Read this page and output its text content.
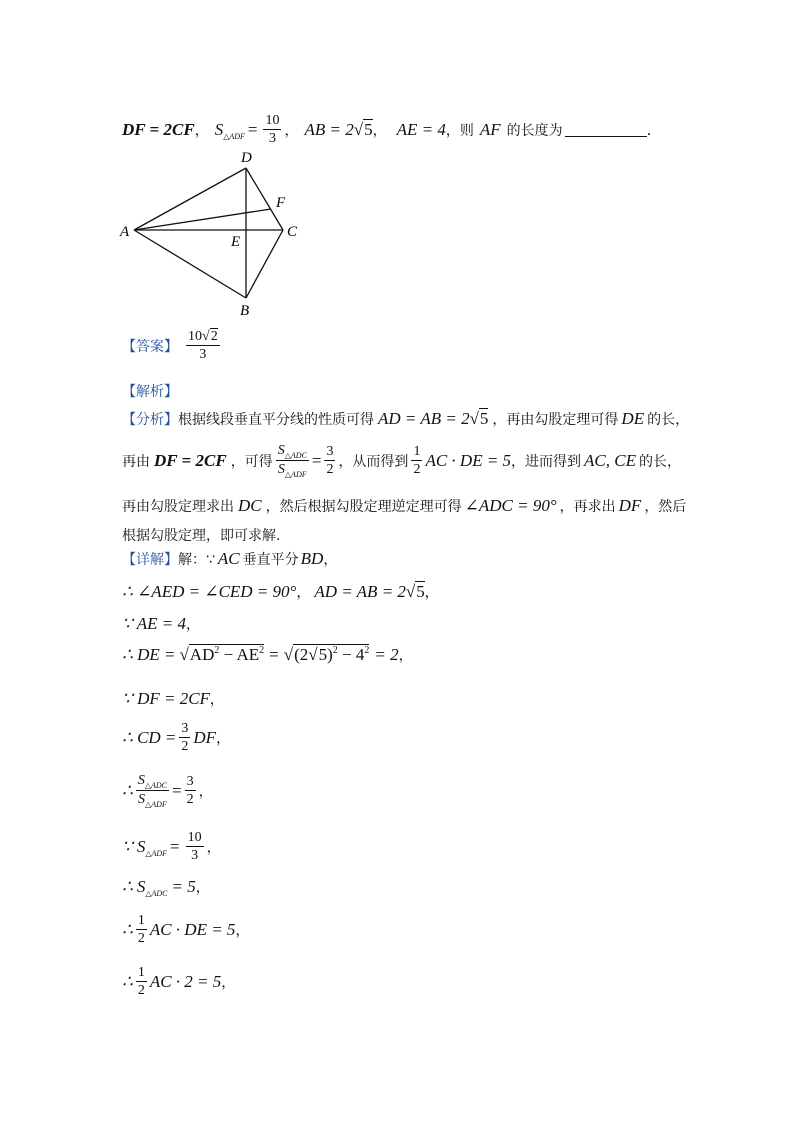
DF = 2CF ， $S_{\triangle ADF} = \frac{10}{3}$ ， AB = 2√5 ， AE = 4 ，则 AF 的长度为	.
D
F
A
E
C
B
【答案】 $\frac{10√2}{3}$
【解析】
【分析】 根据线段垂直平分线的性质可得 AD = AB = 2√5 ，再由勾股定理可得 DE 的长，
再由 DF = 2CF ，可得 $\frac{S_{\triangle ADC}}{S_{\triangle ADF}} = \frac{3}{2}$ ，从而得到 $\frac{1}{2}$ AC · DE = 5 ，进而得到 AC, CE 的长，
再由勾股定理求出 DC ，然后根据勾股定理逆定理可得 ∠ADC = 90° ，再求出 DF ，然后
根据勾股定理，即可求解.
【详解】 解：∵ AC 垂直平分 BD ，
∴ ∠AED = ∠CED = 90° ， AD = AB = 2√5 ，
∵ AE = 4 ，
∴ DE = $√AD^2 - AE^2 = √(2√5)^2 - 4^2 = 2$ ，
∵ DF = 2CF ，
∴ CD = $\frac{3}{2}$ DF ，
∴ $\frac{S_{\triangle ADC}}{S_{\triangle ADF}} = \frac{3}{2}$ ，
∵ $S_{\triangle ADF} = \frac{10}{3}$ ，
∴ $S_{\triangle ADC} = 5$ ，
∴ $\frac{1}{2}$ AC · DE = 5 ，
∴ $\frac{1}{2}$ AC · 2 = 5 ，
